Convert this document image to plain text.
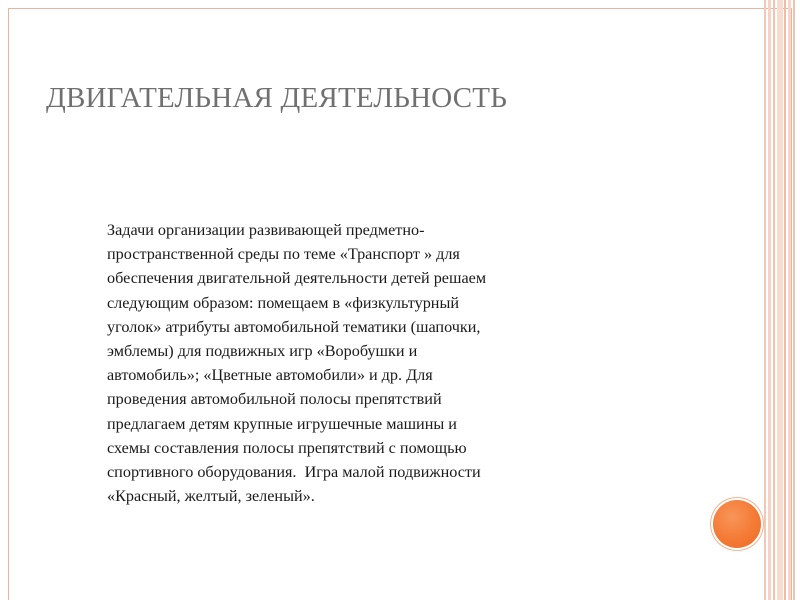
ДВИГАТЕЛЬНАЯ ДЕЯТЕЛЬНОСТЬ
Задачи организации развивающей предметно-
пространственной среды по теме «Транспорт » для
обеспечения двигательной деятельности детей решаем
следующим образом: помещаем в «физкультурный
уголок» атрибуты автомобильной тематики (шапочки,
эмблемы) для подвижных игр «Воробушки и
автомобиль»; «Цветные автомобили» и др. Для
проведения автомобильной полосы препятствий
предлагаем детям крупные игрушечные машины и
схемы составления полосы препятствий с помощью
спортивного оборудования.  Игра малой подвижности
«Красный, желтый, зеленый».
